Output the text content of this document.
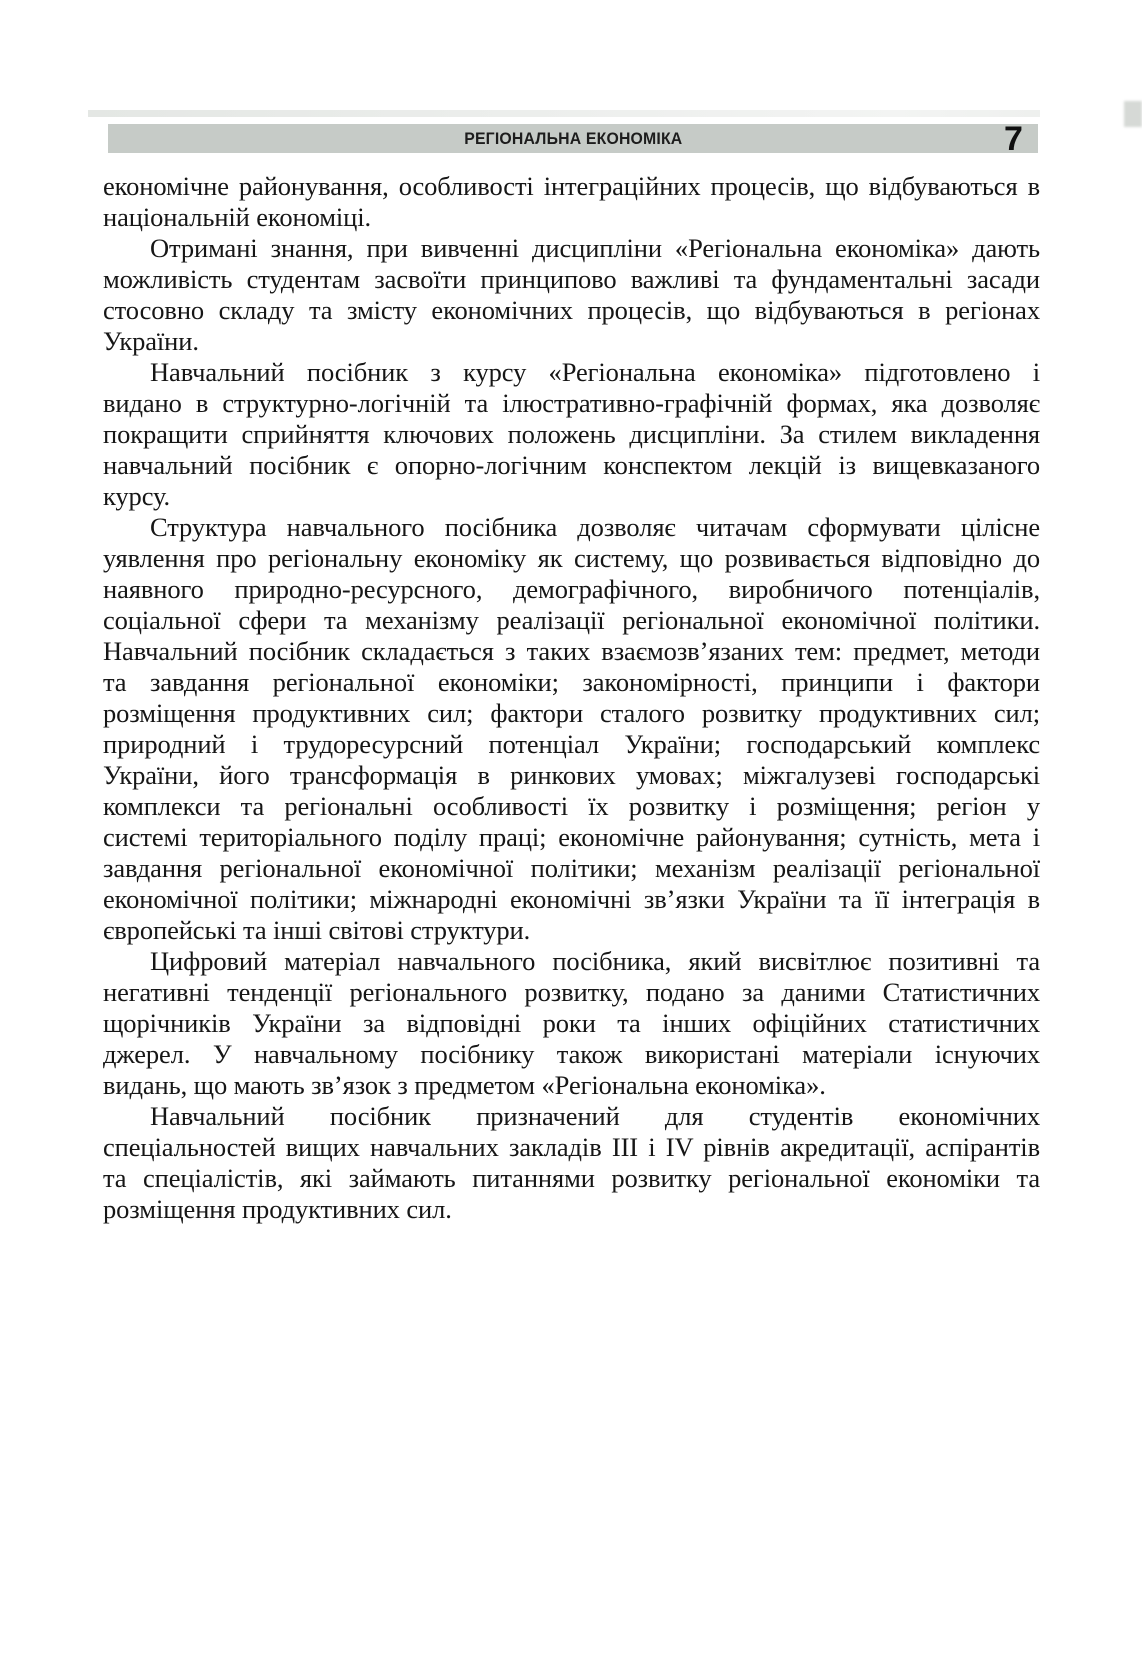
РЕГІОНАЛЬНА ЕКОНОМІКА	7
економічне районування, особливості інтеграційних процесів, що відбуваються в
національній економіці.
Отримані знання, при вивченні дисципліни «Регіональна економіка» дають
можливість студентам засвоїти принципово важливі та фундаментальні засади
стосовно складу та змісту економічних процесів, що відбуваються в регіонах
України.
Навчальний посібник з курсу «Регіональна економіка» підготовлено і
видано в структурно-логічній та ілюстративно-графічній формах, яка дозволяє
покращити сприйняття ключових положень дисципліни. За стилем викладення
навчальний посібник є опорно-логічним конспектом лекцій із вищевказаного
курсу.
Структура навчального посібника дозволяє читачам сформувати цілісне
уявлення про регіональну економіку як систему, що розвивається відповідно до
наявного природно-ресурсного, демографічного, виробничого потенціалів,
соціальної сфери та механізму реалізації регіональної економічної політики.
Навчальний посібник складається з таких взаємозв’язаних тем: предмет, методи
та завдання регіональної економіки; закономірності, принципи і фактори
розміщення продуктивних сил; фактори сталого розвитку продуктивних сил;
природний і трудоресурсний потенціал України; господарський комплекс
України, його трансформація в ринкових умовах; міжгалузеві господарські
комплекси та регіональні особливості їх розвитку і розміщення; регіон у
системі територіального поділу праці; економічне районування; сутність, мета і
завдання регіональної економічної політики; механізм реалізації регіональної
економічної політики; міжнародні економічні зв’язки України та її інтеграція в
європейські та інші світові структури.
Цифровий матеріал навчального посібника, який висвітлює позитивні та
негативні тенденції регіонального розвитку, подано за даними Статистичних
щорічників України за відповідні роки та інших офіційних статистичних
джерел. У навчальному посібнику також використані матеріали існуючих
видань, що мають зв’язок з предметом «Регіональна економіка».
Навчальний посібник призначений для студентів економічних
спеціальностей вищих навчальних закладів III і IV рівнів акредитації, аспірантів
та спеціалістів, які займають питаннями розвитку регіональної економіки та
розміщення продуктивних сил.
